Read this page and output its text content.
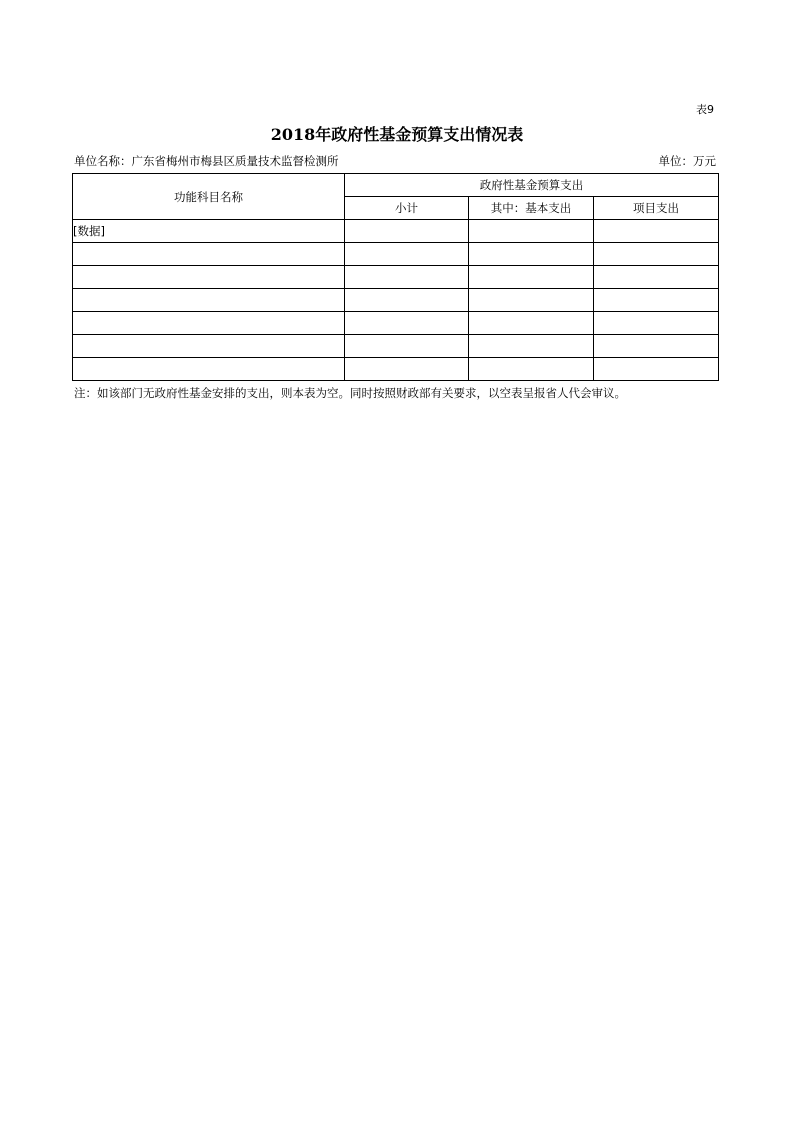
表9
2018年政府性基金预算支出情况表
单位名称：广东省梅州市梅县区质量技术监督检测所	单位：万元
功能科目名称	政府性基金预算支出		
	小计	其中：基本支出	项目支出
[数据]			

注：如该部门无政府性基金安排的支出，则本表为空。同时按照财政部有关要求，以空表呈报省人代会审议。
